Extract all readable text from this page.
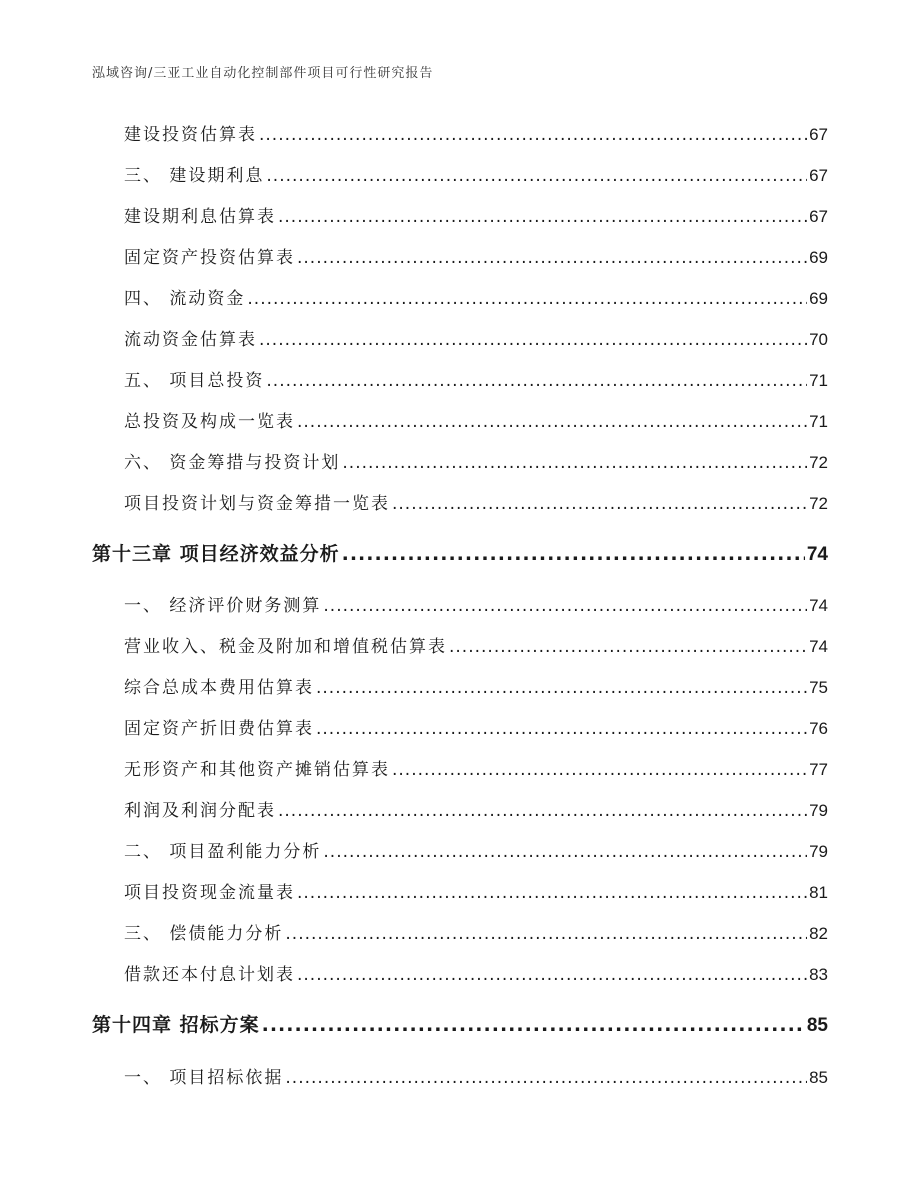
泓域咨询/三亚工业自动化控制部件项目可行性研究报告
建设投资估算表 .....	67
三、 建设期利息 .....	67
建设期利息估算表 .....	67
固定资产投资估算表 .....	69
四、 流动资金 .....	69
流动资金估算表 .....	70
五、 项目总投资 .....	71
总投资及构成一览表 .....	71
六、 资金筹措与投资计划 .....	72
项目投资计划与资金筹措一览表 .....	72
第十三章 项目经济效益分析 .....	74
一、 经济评价财务测算 .....	74
营业收入、税金及附加和增值税估算表 .....	74
综合总成本费用估算表 .....	75
固定资产折旧费估算表 .....	76
无形资产和其他资产摊销估算表 .....	77
利润及利润分配表 .....	79
二、 项目盈利能力分析 .....	79
项目投资现金流量表 .....	81
三、 偿债能力分析 .....	82
借款还本付息计划表 .....	83
第十四章 招标方案 .....	85
一、 项目招标依据 .....	85
